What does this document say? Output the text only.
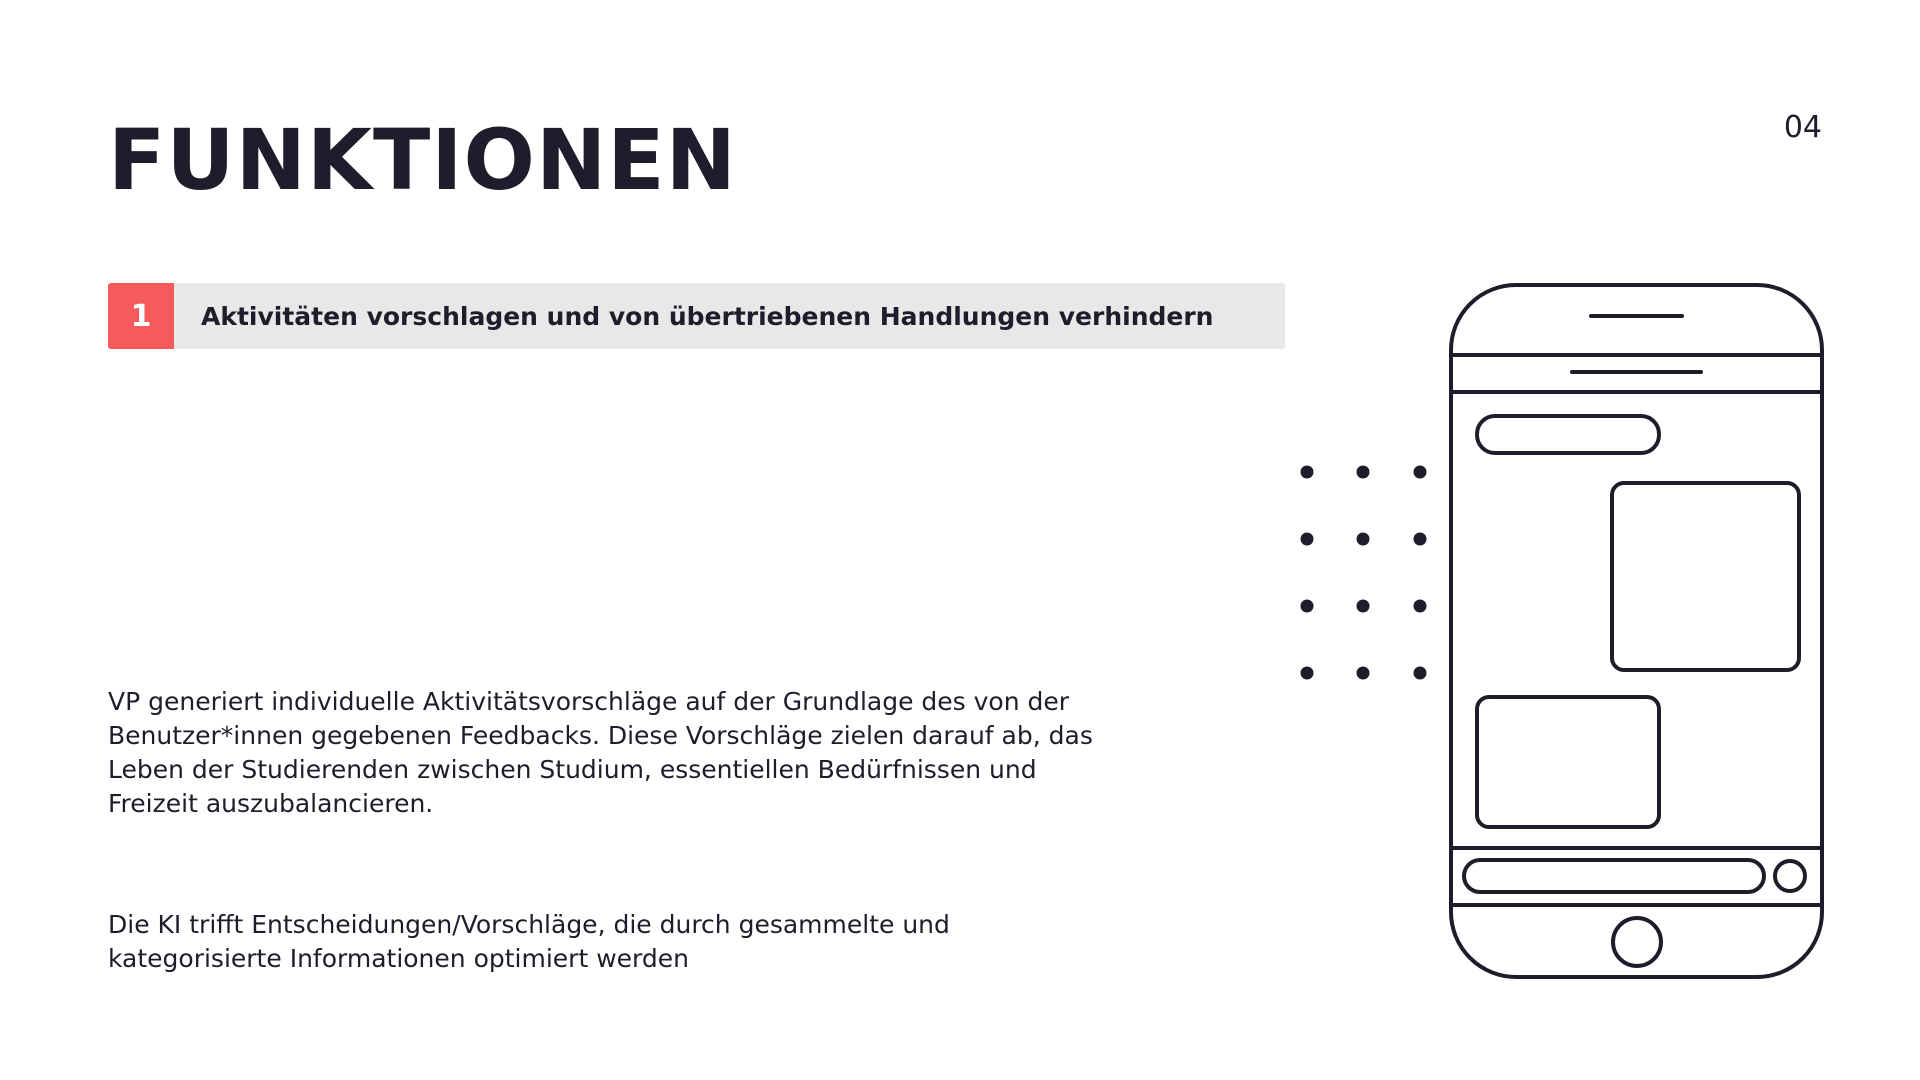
FUNKTIONEN	04
1	Aktivitäten vorschlagen und von übertriebenen Handlungen verhindern

VP generiert individuelle Aktivitätsvorschläge auf der Grundlage des von der Benutzer*innen gegebenen Feedbacks. Diese Vorschläge zielen darauf ab, das Leben der Studierenden zwischen Studium, essentiellen Bedürfnissen und Freizeit auszubalancieren.

Die KI trifft Entscheidungen/Vorschläge, die durch gesammelte und kategorisierte Informationen optimiert werden
